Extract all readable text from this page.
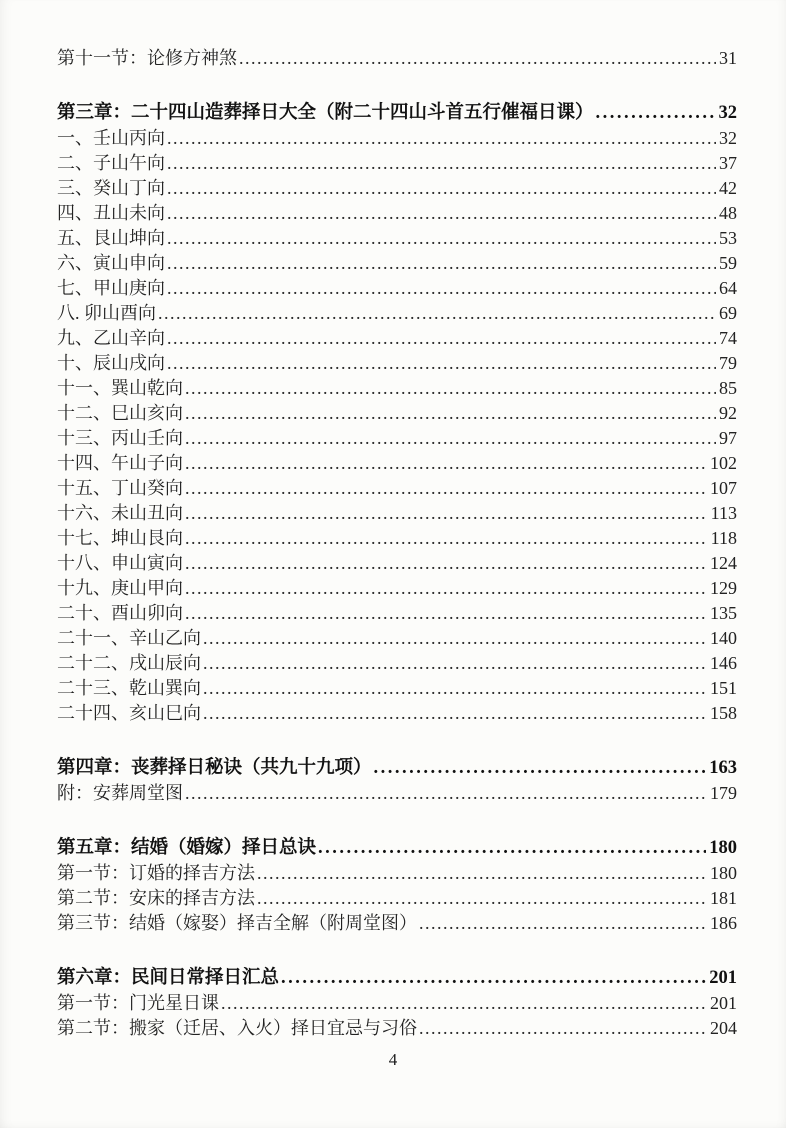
第十一节：论修方神煞 .....	31
第三章：二十四山造葬择日大全（附二十四山斗首五行催福日课） .....	32
一、壬山丙向 .....	32
二、子山午向 .....	37
三、癸山丁向 .....	42
四、丑山未向 .....	48
五、艮山坤向 .....	53
六、寅山申向 .....	59
七、甲山庚向 .....	64
八. 卯山酉向 .....	69
九、乙山辛向 .....	74
十、辰山戌向 .....	79
十一、巽山乾向 .....	85
十二、巳山亥向 .....	92
十三、丙山壬向 .....	97
十四、午山子向 .....	102
十五、丁山癸向 .....	107
十六、未山丑向 .....	113
十七、坤山艮向 .....	118
十八、申山寅向 .....	124
十九、庚山甲向 .....	129
二十、酉山卯向 .....	135
二十一、辛山乙向 .....	140
二十二、戌山辰向 .....	146
二十三、乾山巽向 .....	151
二十四、亥山巳向 .....	158
第四章：丧葬择日秘诀（共九十九项） .....	163
附：安葬周堂图 .....	179
第五章：结婚（婚嫁）择日总诀 .....	180
第一节：订婚的择吉方法 .....	180
第二节：安床的择吉方法 .....	181
第三节：结婚（嫁娶）择吉全解（附周堂图） .....	186
第六章：民间日常择日汇总 .....	201
第一节：门光星日课 .....	201
第二节：搬家（迁居、入火）择日宜忌与习俗 .....	204
4
